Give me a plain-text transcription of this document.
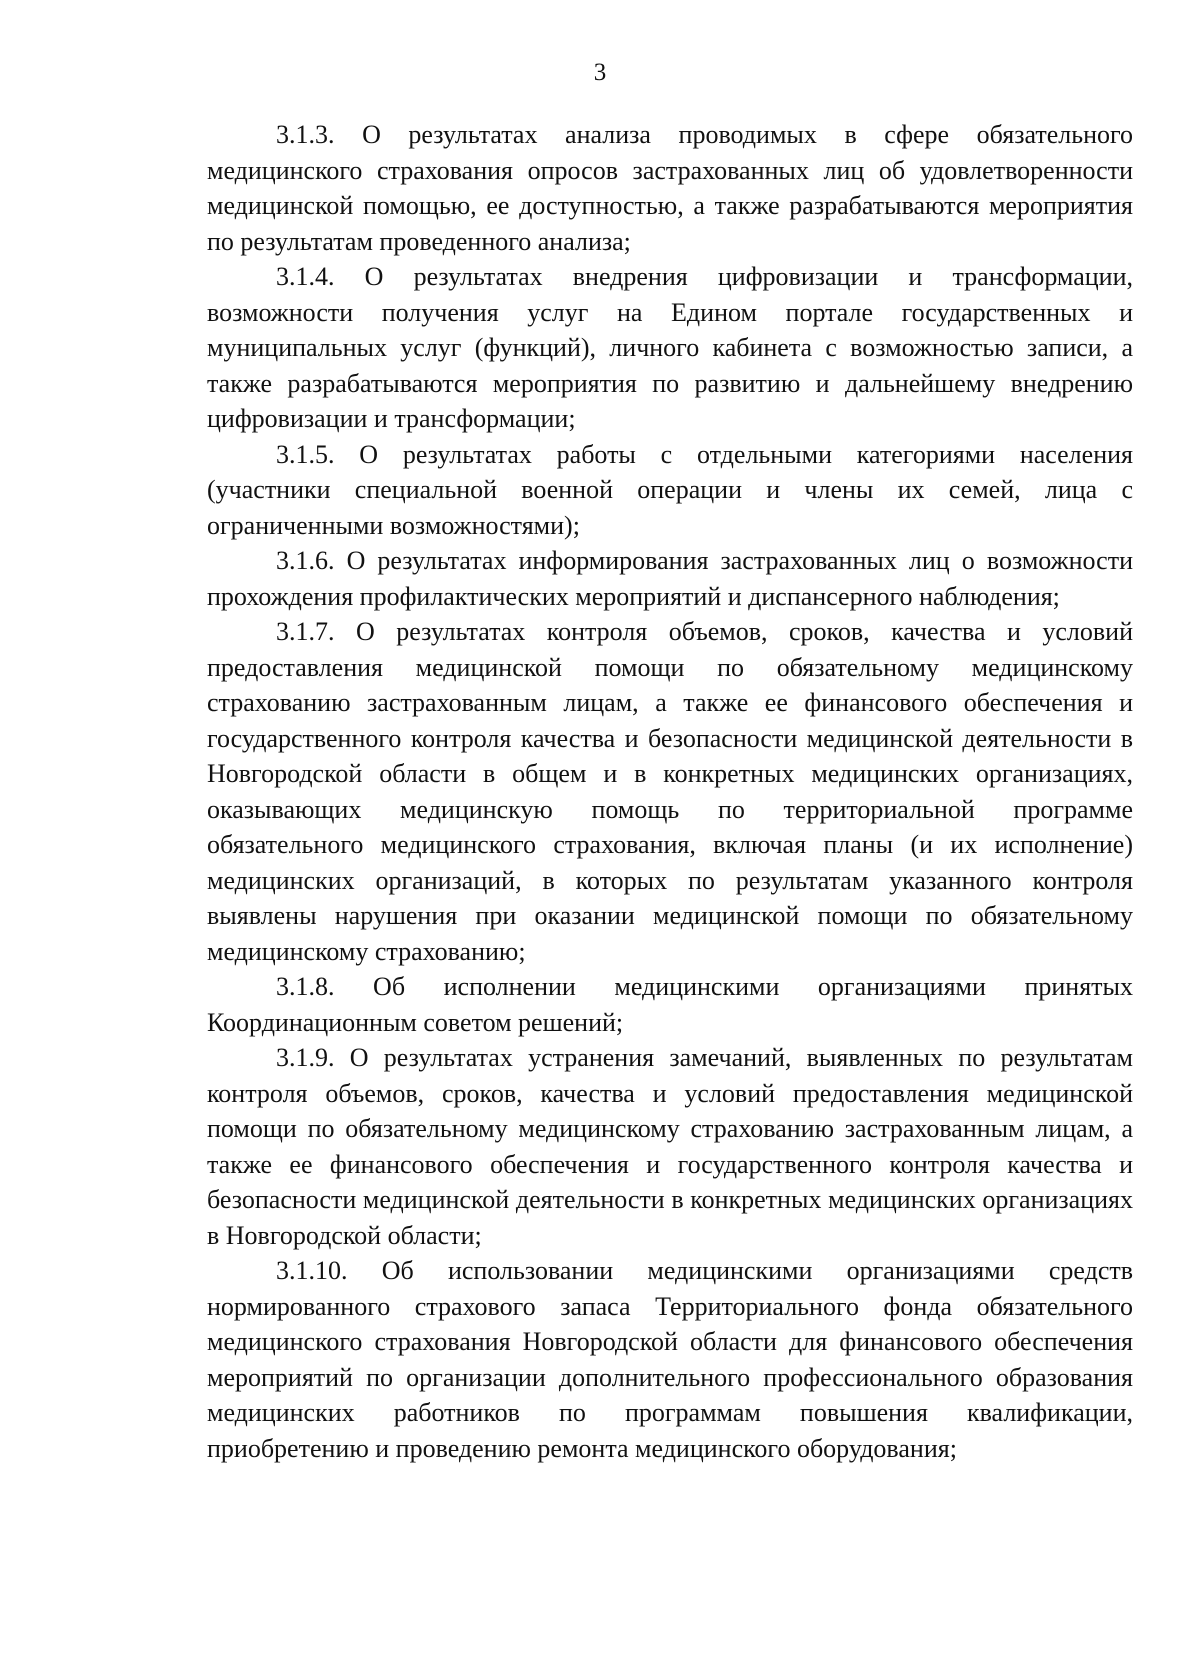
3

3.1.3. О результатах анализа проводимых в сфере обязательного медицинского страхования опросов застрахованных лиц об удовлетворенности медицинской помощью, ее доступностью, а также разрабатываются мероприятия по результатам проведенного анализа;

3.1.4. О результатах внедрения цифровизации и трансформации, возможности получения услуг на Едином портале государственных и муниципальных услуг (функций), личного кабинета с возможностью записи, а также разрабатываются мероприятия по развитию и дальнейшему внедрению цифровизации и трансформации;

3.1.5. О результатах работы с отдельными категориями населения (участники специальной военной операции и члены их семей, лица с ограниченными возможностями);

3.1.6. О результатах информирования застрахованных лиц о возможности прохождения профилактических мероприятий и диспансерного наблюдения;

3.1.7. О результатах контроля объемов, сроков, качества и условий предоставления медицинской помощи по обязательному медицинскому страхованию застрахованным лицам, а также ее финансового обеспечения и государственного контроля качества и безопасности медицинской деятельности в Новгородской области в общем и в конкретных медицинских организациях, оказывающих медицинскую помощь по территориальной программе обязательного медицинского страхования, включая планы (и их исполнение) медицинских организаций, в которых по результатам указанного контроля выявлены нарушения при оказании медицинской помощи по обязательному медицинскому страхованию;

3.1.8. Об исполнении медицинскими организациями принятых Координационным советом решений;

3.1.9. О результатах устранения замечаний, выявленных по результатам контроля объемов, сроков, качества и условий предоставления медицинской помощи по обязательному медицинскому страхованию застрахованным лицам, а также ее финансового обеспечения и государственного контроля качества и безопасности медицинской деятельности в конкретных медицинских организациях в Новгородской области;

3.1.10. Об использовании медицинскими организациями средств нормированного страхового запаса Территориального фонда обязательного медицинского страхования Новгородской области для финансового обеспечения мероприятий по организации дополнительного профессионального образования медицинских работников по программам повышения квалификации, приобретению и проведению ремонта медицинского оборудования;
